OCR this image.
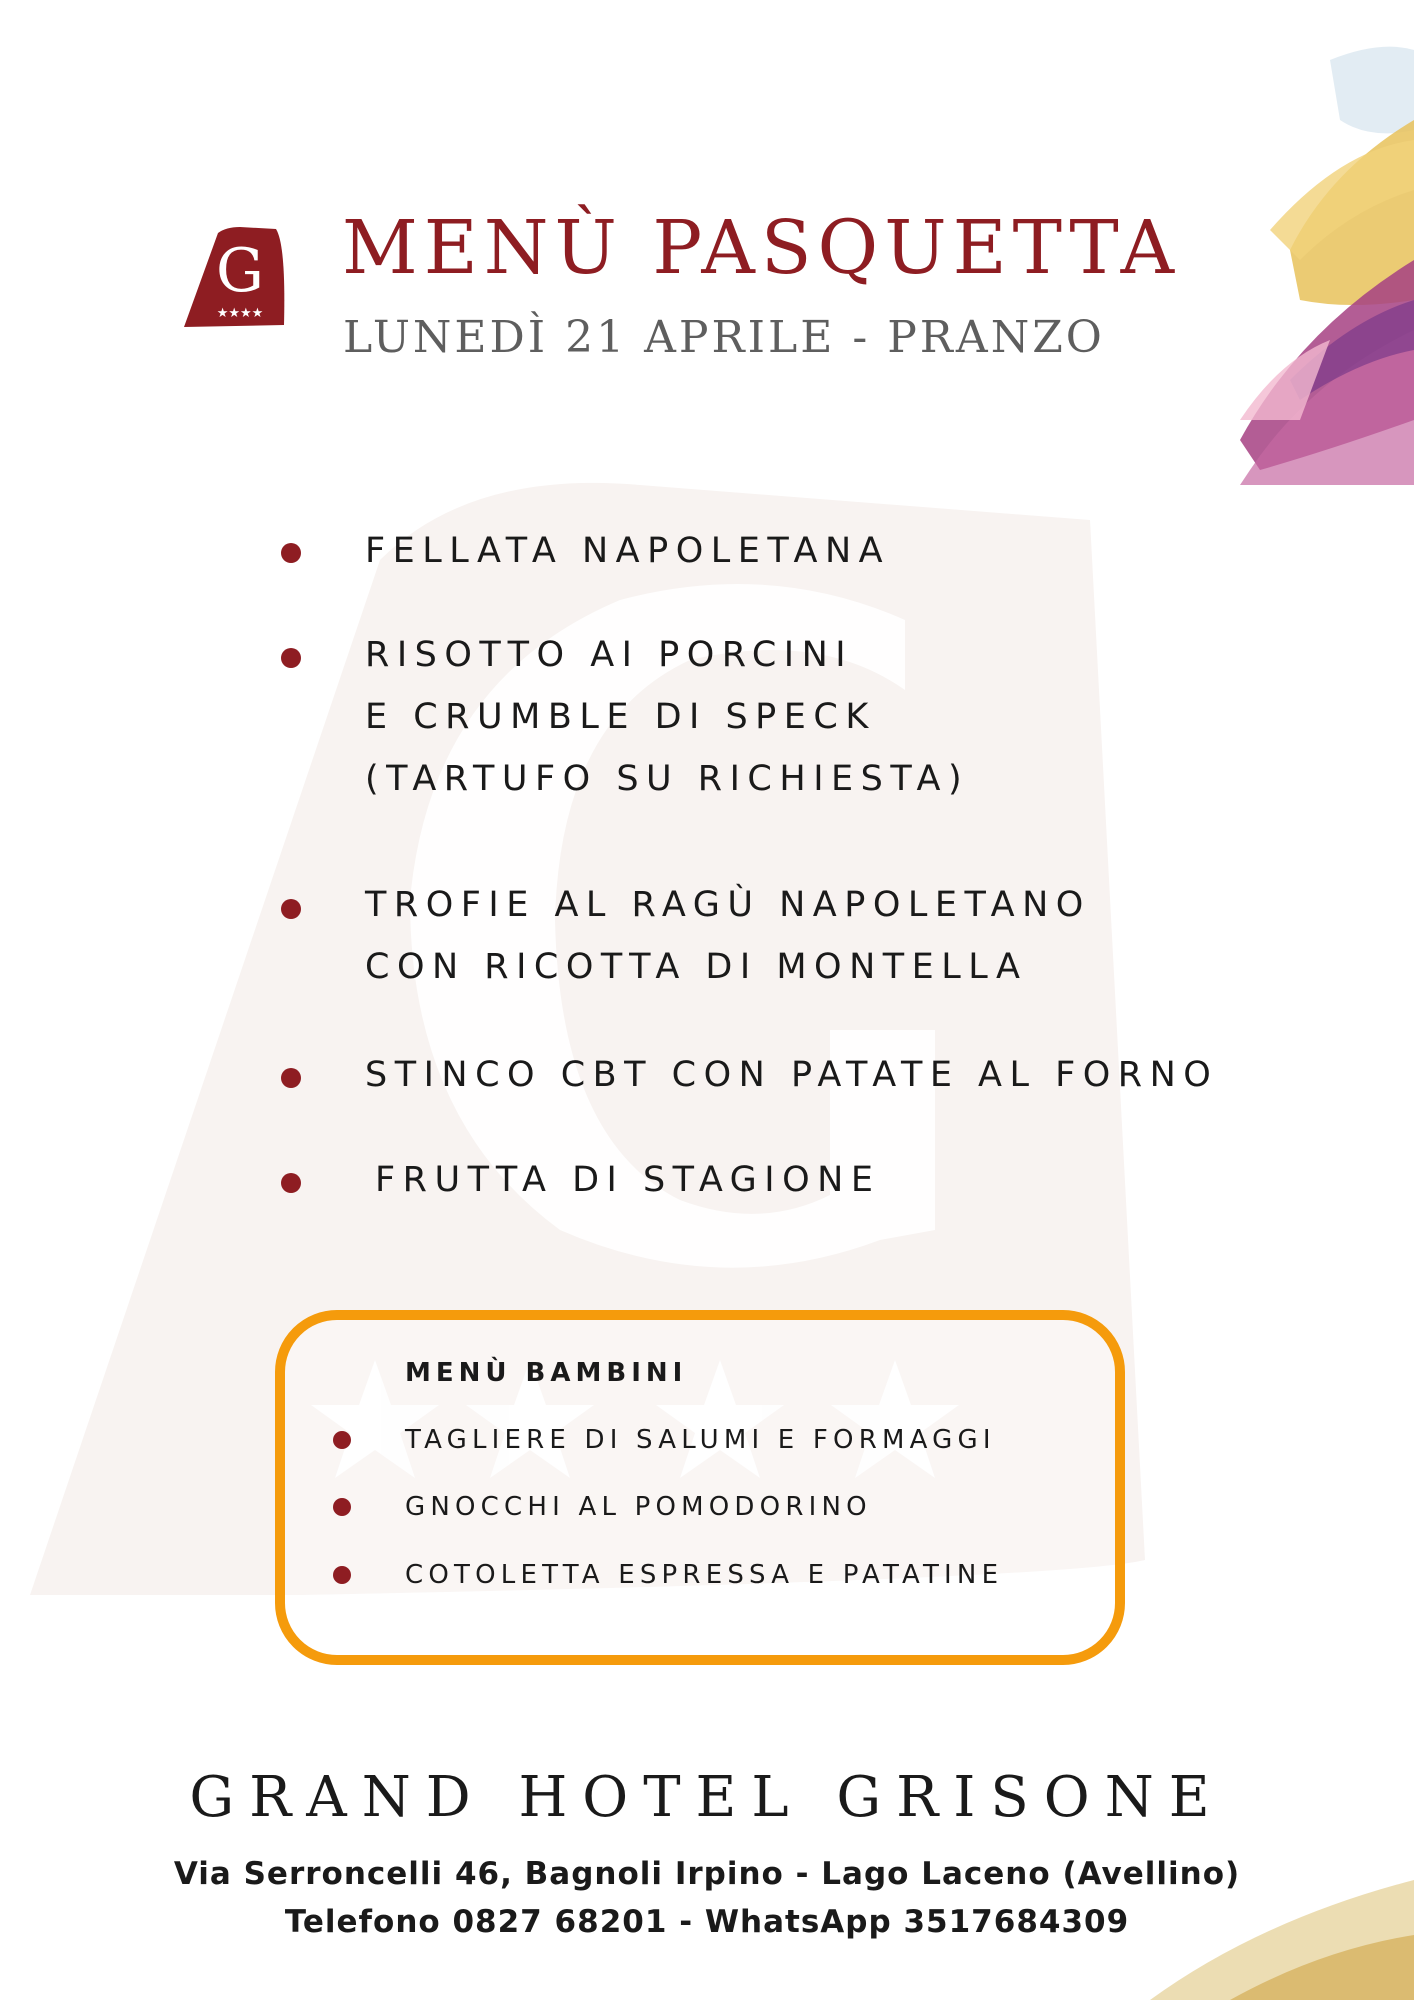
G
★★★★
MENÙ PASQUETTA
LUNEDÌ 21 APRILE - PRANZO
FELLATA NAPOLETANA
RISOTTO AI PORCINI
E CRUMBLE DI SPECK
(TARTUFO SU RICHIESTA)
TROFIE AL RAGÙ NAPOLETANO
CON RICOTTA DI MONTELLA
STINCO CBT CON PATATE AL FORNO
FRUTTA DI STAGIONE
MENÙ BAMBINI
TAGLIERE DI SALUMI E FORMAGGI
GNOCCHI AL POMODORINO
COTOLETTA ESPRESSA E PATATINE
GRAND HOTEL GRISONE
Via Serroncelli 46, Bagnoli Irpino - Lago Laceno (Avellino)
Telefono 0827 68201 - WhatsApp 3517684309
